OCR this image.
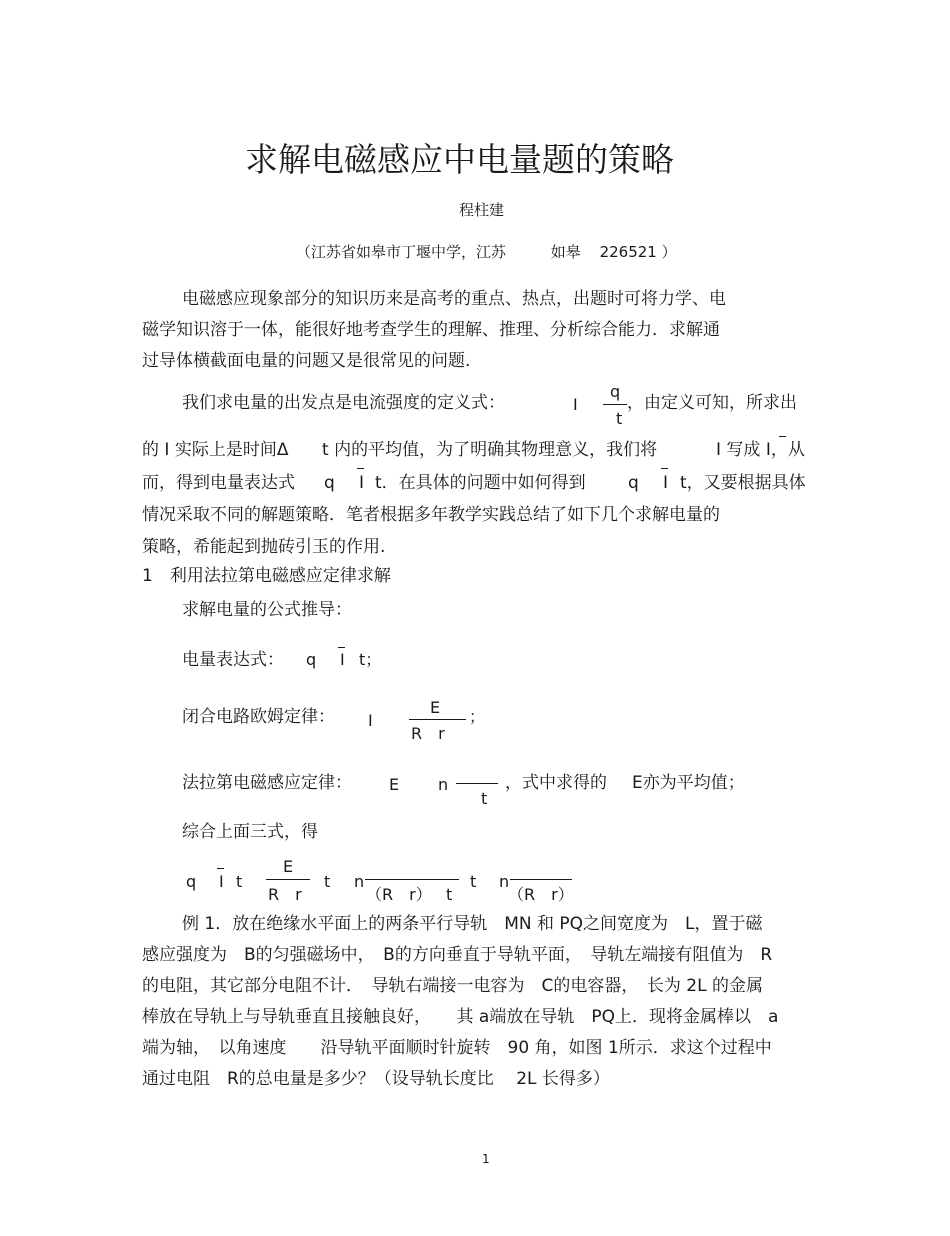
求解电磁感应中电量题的策略
程柱建
（江苏省如皋市丁堰中学，江苏	如皋 226521 ）
电磁感应现象部分的知识历来是高考的重点、热点，出题时可将力学、电
磁学知识溶于一体，能很好地考查学生的理解、推理、分析综合能力．求解通
过导体横截面电量的问题又是很常见的问题.
我们求电量的出发点是电流强度的定义式：	I
q
t
，由定义可知，所求出
的 I 实际上是时间Δ t 内的平均值，为了明确其物理意义，我们将	I 写成 I，从
而，得到电量表达式 q I t．在具体的问题中如何得到 q I t，又要根据具体
情况采取不同的解题策略．笔者根据多年教学实践总结了如下几个求解电量的
策略，希能起到抛砖引玉的作用.
1　利用法拉第电磁感应定律求解
求解电量的公式推导：
电量表达式： q I t；
闭合电路欧姆定律： I
E
R　r
；
法拉第电磁感应定律： E n
t
，式中求得的 E亦为平均值；
综合上面三式，得
q I t
E
R　r
t n
（R　r） t
t n
（R　r）
例 1．放在绝缘水平面上的两条平行导轨　MN 和 PQ之间宽度为　L，置于磁
感应强度为　B的匀强磁场中，　B的方向垂直于导轨平面，　导轨左端接有阻值为　R
的电阻，其它部分电阻不计．　导轨右端接一电容为　C的电容器，　长为 2L 的金属
棒放在导轨上与导轨垂直且接触良好，　　其 a端放在导轨　PQ上．现将金属棒以　a
端为轴，　以角速度　　沿导轨平面顺时针旋转　90 角，如图 1所示．求这个过程中
通过电阻　R的总电量是多少？（设导轨长度比　 2L 长得多）
1
